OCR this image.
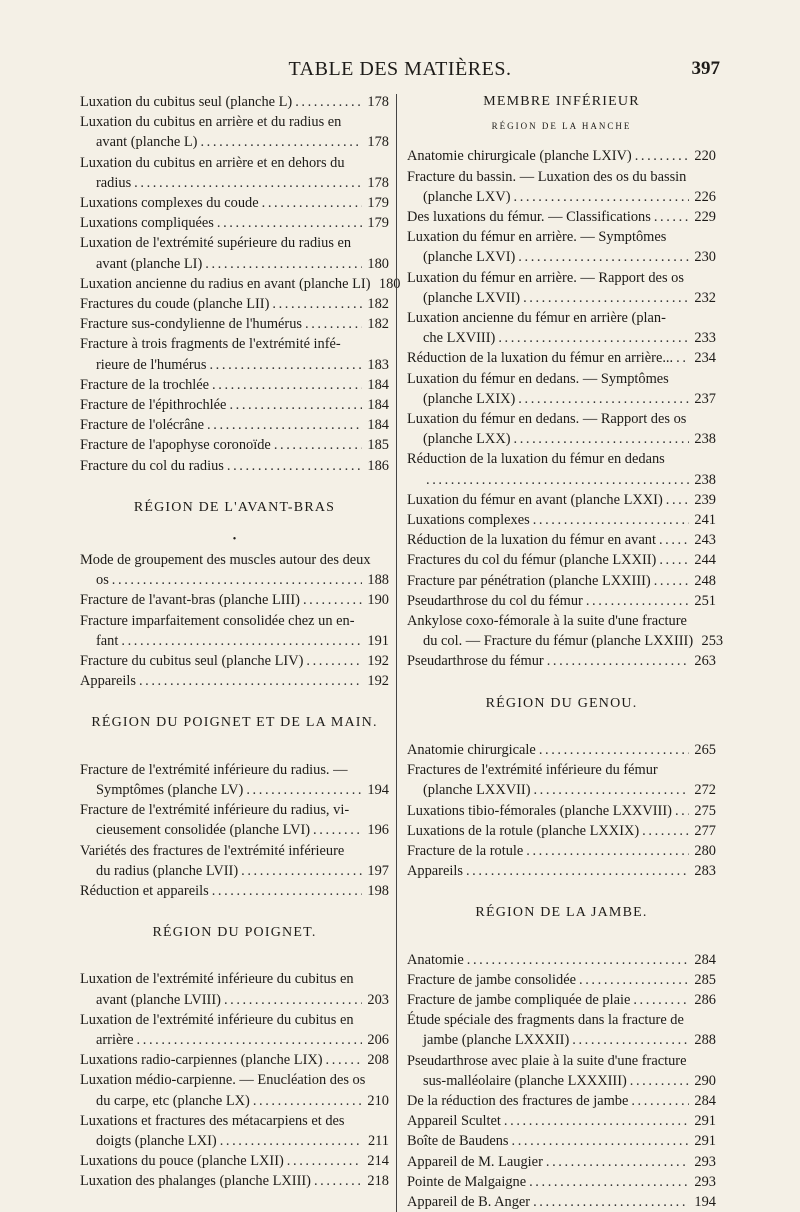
TABLE DES MATIÈRES.	397
Luxation du cubitus seul (planche L) .....	178
Luxation du cubitus en arrière et du radius en
avant (planche L) .....	178
Luxation du cubitus en arrière et en dehors du
radius .....	178
Luxations complexes du coude .....	179
Luxations compliquées .....	179
Luxation de l'extrémité supérieure du radius en
avant (planche LI) .....	180
Luxation ancienne du radius en avant (planche LI) 180
Fractures du coude (planche LII) .....	182
Fracture sus-condylienne de l'humérus .....	182
Fracture à trois fragments de l'extrémité infé-
rieure de l'humérus .....	183
Fracture de la trochlée .....	184
Fracture de l'épithrochlée .....	184
Fracture de l'olécrâne .....	184
Fracture de l'apophyse coronoïde .....	185
Fracture du col du radius .....	186
RÉGION DE L'AVANT-BRAS
•
Mode de groupement des muscles autour des deux
os .....	188
Fracture de l'avant-bras (planche LIII) .....	190
Fracture imparfaitement consolidée chez un en-
fant .....	191
Fracture du cubitus seul (planche LIV) .....	192
Appareils .....	192
RÉGION DU POIGNET ET DE LA MAIN.
Fracture de l'extrémité inférieure du radius. —
Symptômes (planche LV) .....	194
Fracture de l'extrémité inférieure du radius, vi-
cieusement consolidée (planche LVI) .....	196
Variétés des fractures de l'extrémité inférieure
du radius (planche LVII) .....	197
Réduction et appareils .....	198
RÉGION DU POIGNET.
Luxation de l'extrémité inférieure du cubitus en
avant (planche LVIII) .....	203
Luxation de l'extrémité inférieure du cubitus en
arrière .....	206
Luxations radio-carpiennes (planche LIX) .....	208
Luxation médio-carpienne. — Enucléation des os
du carpe, etc (planche LX) .....	210
Luxations et fractures des métacarpiens et des
doigts (planche LXI) .....	211
Luxations du pouce (planche LXII) .....	214
Luxation des phalanges (planche LXIII) .....	218
MEMBRE INFÉRIEUR
RÉGION DE LA HANCHE
Anatomie chirurgicale (planche LXIV) .....	220
Fracture du bassin. — Luxation des os du bassin
(planche LXV) .....	226
Des luxations du fémur. — Classifications .....	229
Luxation du fémur en arrière. — Symptômes
(planche LXVI) .....	230
Luxation du fémur en arrière. — Rapport des os
(planche LXVII) .....	232
Luxation ancienne du fémur en arrière (plan-
che LXVIII) .....	233
Réduction de la luxation du fémur en arrière... ..... 234
Luxation du fémur en dedans. — Symptômes
(planche LXIX) .....	237
Luxation du fémur en dedans. — Rapport des os
(planche LXX) .....	238
Réduction de la luxation du fémur en dedans
.....
238
Luxation du fémur en avant (planche LXXI) ..... 239
Luxations complexes .....	241
Réduction de la luxation du fémur en avant .....	243
Fractures du col du fémur (planche LXXII) .....	244
Fracture par pénétration (planche LXXIII) .....	248
Pseudarthrose du col du fémur .....	251
Ankylose coxo-fémorale à la suite d'une fracture
du col. — Fracture du fémur (planche LXXIII) 253
Pseudarthrose du fémur .....	263
RÉGION DU GENOU.
Anatomie chirurgicale .....	265
Fractures de l'extrémité inférieure du fémur
(planche LXXVII) .....	272
Luxations tibio-fémorales (planche LXXVIII) ..... 275
Luxations de la rotule (planche LXXIX) .....	277
Fracture de la rotule .....	280
Appareils .....	283
RÉGION DE LA JAMBE.
Anatomie .....	284
Fracture de jambe consolidée .....	285
Fracture de jambe compliquée de plaie .....	286
Étude spéciale des fragments dans la fracture de
jambe (planche LXXXII) .....	288
Pseudarthrose avec plaie à la suite d'une fracture
sus-malléolaire (planche LXXXIII) .....	290
De la réduction des fractures de jambe .....	284
Appareil Scultet .....	291
Boîte de Baudens .....	291
Appareil de M. Laugier .....	293
Pointe de Malgaigne .....	293
Appareil de B. Anger .....	194
